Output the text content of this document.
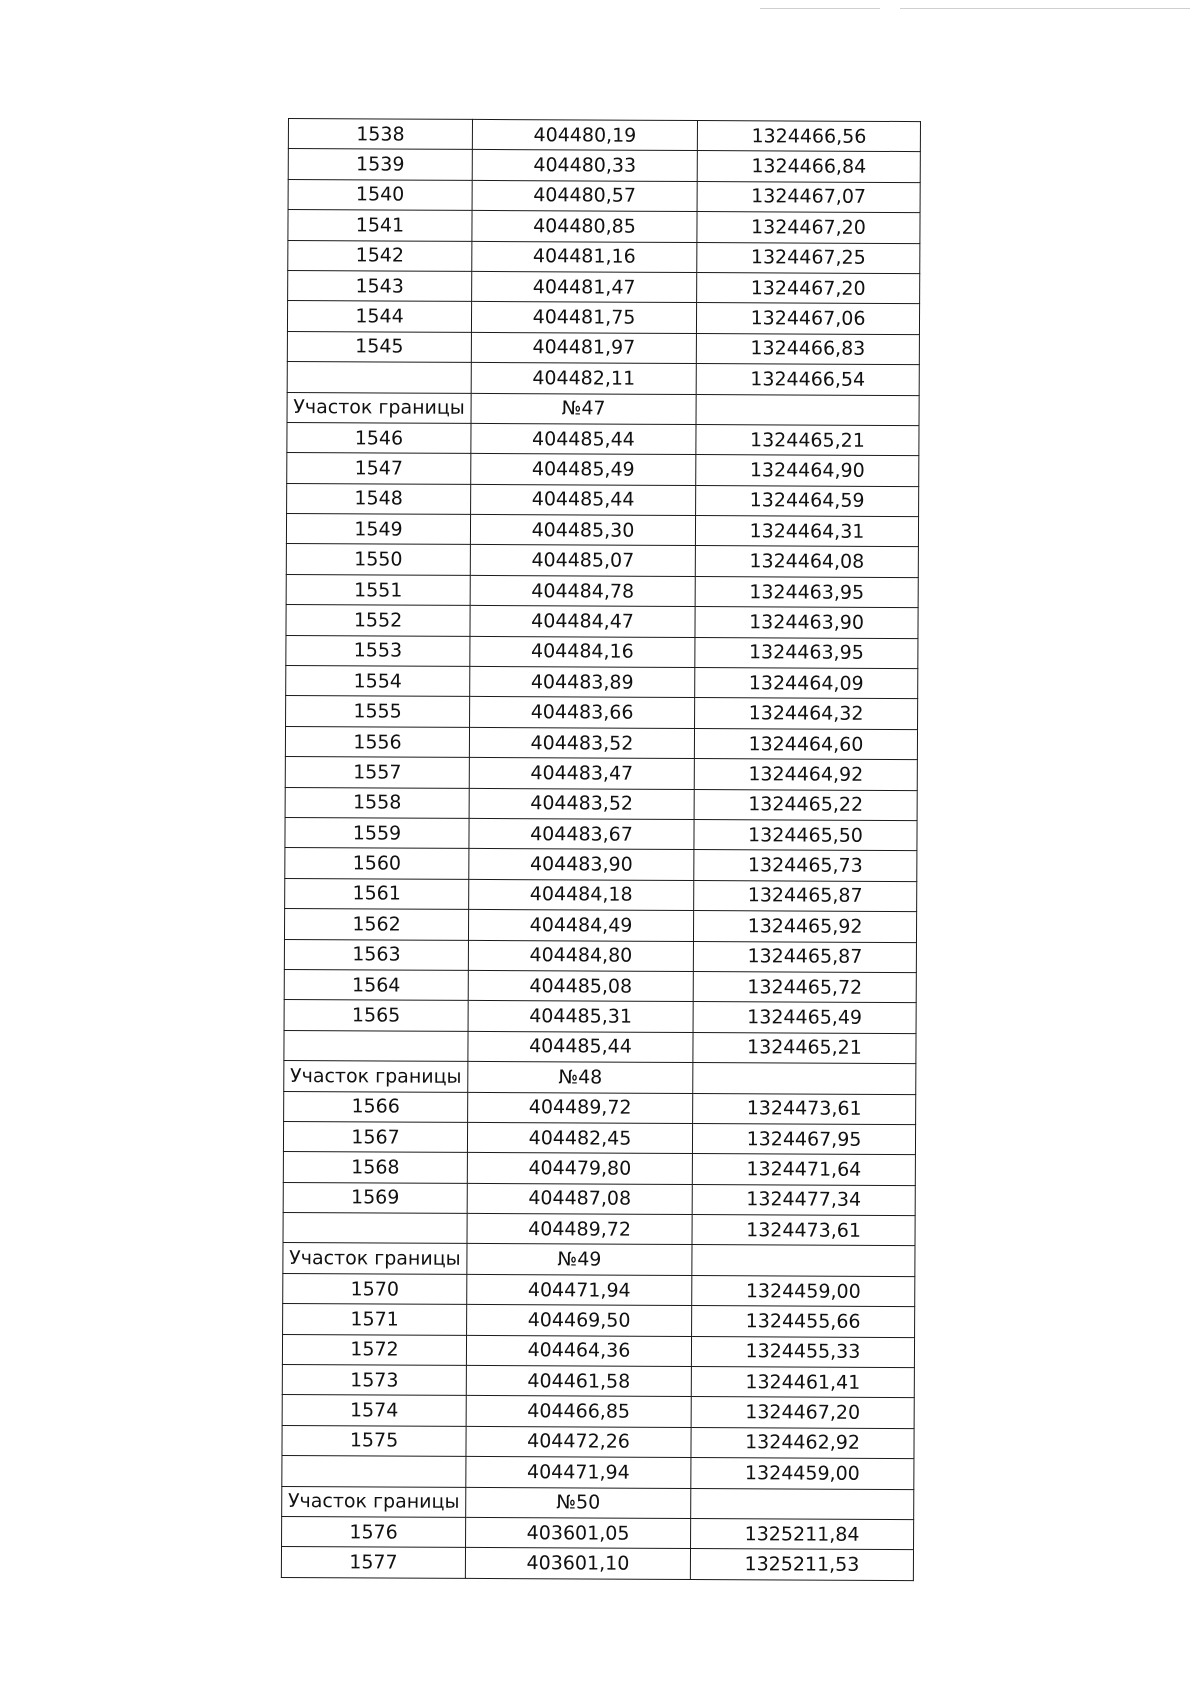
1538	404480,19	1324466,56
1539	404480,33	1324466,84
1540	404480,57	1324467,07
1541	404480,85	1324467,20
1542	404481,16	1324467,25
1543	404481,47	1324467,20
1544	404481,75	1324467,06
1545	404481,97	1324466,83
	404482,11	1324466,54
Участок границы	№47	
1546	404485,44	1324465,21
1547	404485,49	1324464,90
1548	404485,44	1324464,59
1549	404485,30	1324464,31
1550	404485,07	1324464,08
1551	404484,78	1324463,95
1552	404484,47	1324463,90
1553	404484,16	1324463,95
1554	404483,89	1324464,09
1555	404483,66	1324464,32
1556	404483,52	1324464,60
1557	404483,47	1324464,92
1558	404483,52	1324465,22
1559	404483,67	1324465,50
1560	404483,90	1324465,73
1561	404484,18	1324465,87
1562	404484,49	1324465,92
1563	404484,80	1324465,87
1564	404485,08	1324465,72
1565	404485,31	1324465,49
	404485,44	1324465,21
Участок границы	№48	
1566	404489,72	1324473,61
1567	404482,45	1324467,95
1568	404479,80	1324471,64
1569	404487,08	1324477,34
	404489,72	1324473,61
Участок границы	№49	
1570	404471,94	1324459,00
1571	404469,50	1324455,66
1572	404464,36	1324455,33
1573	404461,58	1324461,41
1574	404466,85	1324467,20
1575	404472,26	1324462,92
	404471,94	1324459,00
Участок границы	№50	
1576	403601,05	1325211,84
1577	403601,10	1325211,53
